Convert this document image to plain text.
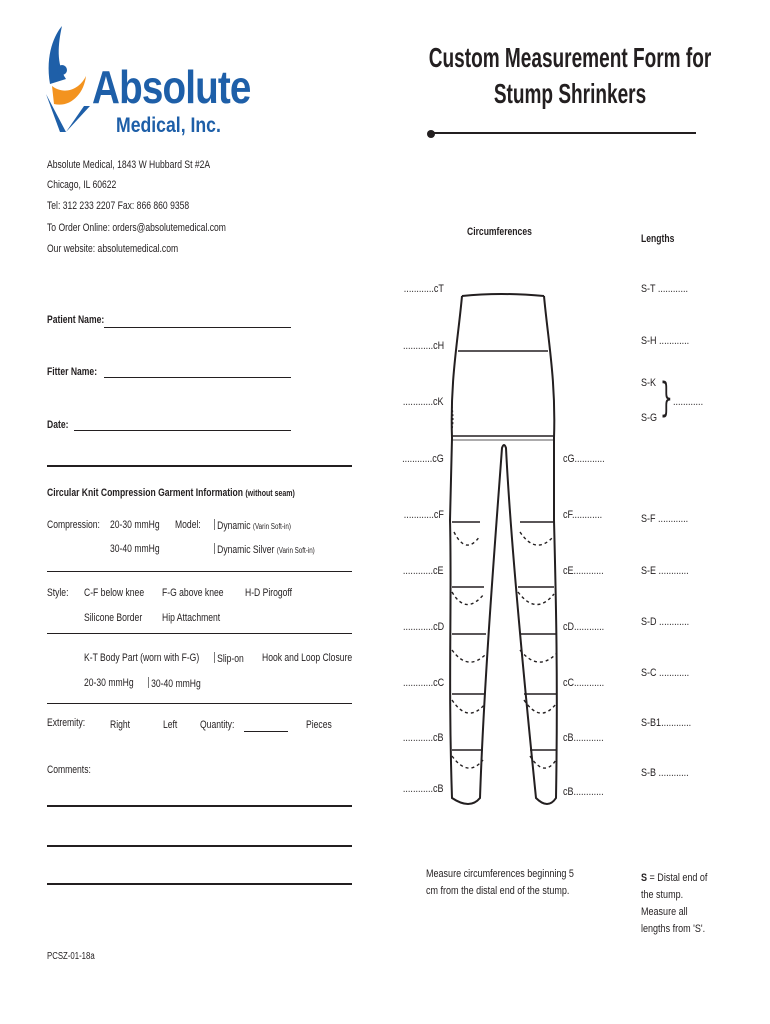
Absolute
Medical, Inc.
Absolute Medical, 1843 W Hubbard St #2A
Chicago, IL 60622
Tel: 312 233 2207 Fax: 866 860 9358
To Order Online: orders@absolutemedical.com
Our website: absolutemedical.com
Custom Measurement Form for
Stump Shrinkers
Patient Name:
Fitter Name:
Date:
Circular Knit Compression Garment Information (without seam)
Compression: 20-30 mmHg
30-40 mmHg
Model: Dynamic (Varin Soft-in)
Dynamic Silver (Varin Soft-in)
Style: C-F below knee F-G above knee H-D Pirogoff
Silicone Border Hip Attachment
K-T Body Part (worn with F-G) Slip-on Hook and Loop Closure
20-30 mmHg 30-40 mmHg
Extremity: Right	Left Quantity:	Pieces
Comments:
PCSZ-01-18a
Circumferences
Lengths
............cT
............cH
............cK
............cG
............cF
............cE
............cD
............cC
............cB
............cB
cG............
cF............
cE............
cD............
cC............
cB............
cB............
S-T ............
S-H ............
S-K
S-G } ............
S-F ............
S-E ............
S-D ............
S-C ............
S-B1............
S-B ............
Measure circumferences beginning 5 cm from the distal end of the stump.
S = Distal end of the stump. Measure all lengths from 'S'.
